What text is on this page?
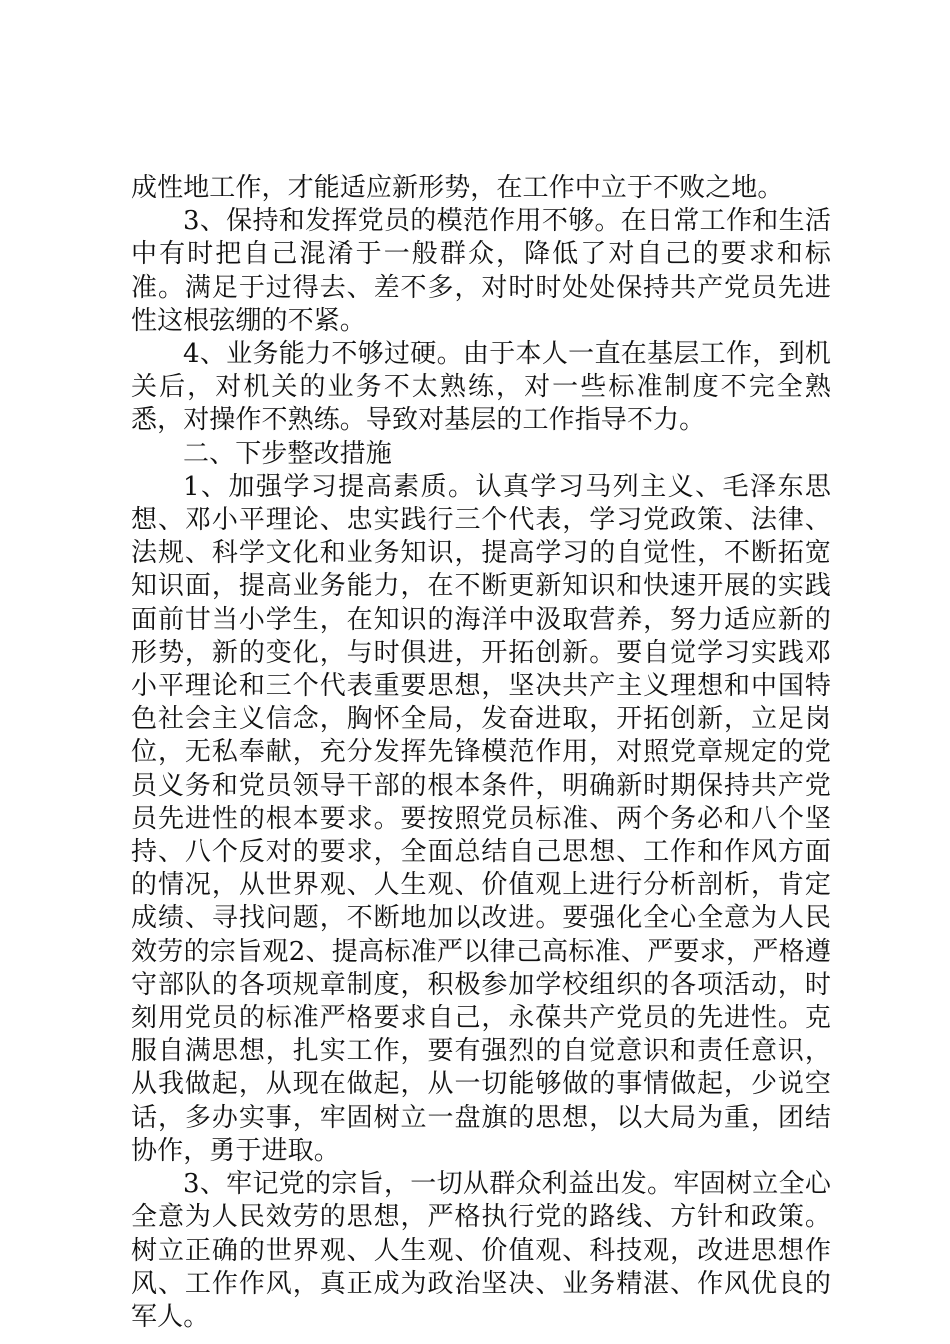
成性地工作，才能适应新形势，在工作中立于不败之地。

3、保持和发挥党员的模范作用不够。在日常工作和生活中有时把自己混淆于一般群众，降低了对自己的要求和标准。满足于过得去、差不多，对时时处处保持共产党员先进性这根弦绷的不紧。

4、业务能力不够过硬。由于本人一直在基层工作，到机关后，对机关的业务不太熟练，对一些标准制度不完全熟悉，对操作不熟练。导致对基层的工作指导不力。

二、下步整改措施

1、加强学习提高素质。认真学习马列主义、毛泽东思想、邓小平理论、忠实践行三个代表，学习党政策、法律、法规、科学文化和业务知识，提高学习的自觉性，不断拓宽知识面，提高业务能力，在不断更新知识和快速开展的实践面前甘当小学生，在知识的海洋中汲取营养，努力适应新的形势，新的变化，与时俱进，开拓创新。要自觉学习实践邓小平理论和三个代表重要思想，坚决共产主义理想和中国特色社会主义信念，胸怀全局，发奋进取，开拓创新，立足岗位，无私奉献，充分发挥先锋模范作用，对照党章规定的党员义务和党员领导干部的根本条件，明确新时期保持共产党员先进性的根本要求。要按照党员标准、两个务必和八个坚持、八个反对的要求，全面总结自己思想、工作和作风方面的情况，从世界观、人生观、价值观上进行分析剖析，肯定成绩、寻找问题，不断地加以改进。要强化全心全意为人民效劳的宗旨观2、提高标准严以律己高标准、严要求，严格遵守部队的各项规章制度，积极参加学校组织的各项活动，时刻用党员的标准严格要求自己，永葆共产党员的先进性。克服自满思想，扎实工作，要有强烈的自觉意识和责任意识，从我做起，从现在做起，从一切能够做的事情做起，少说空话，多办实事，牢固树立一盘旗的思想，以大局为重，团结协作，勇于进取。

3、牢记党的宗旨，一切从群众利益出发。牢固树立全心全意为人民效劳的思想，严格执行党的路线、方针和政策。树立正确的世界观、人生观、价值观、科技观，改进思想作风、工作作风，真正成为政治坚决、业务精湛、作风优良的军人。
